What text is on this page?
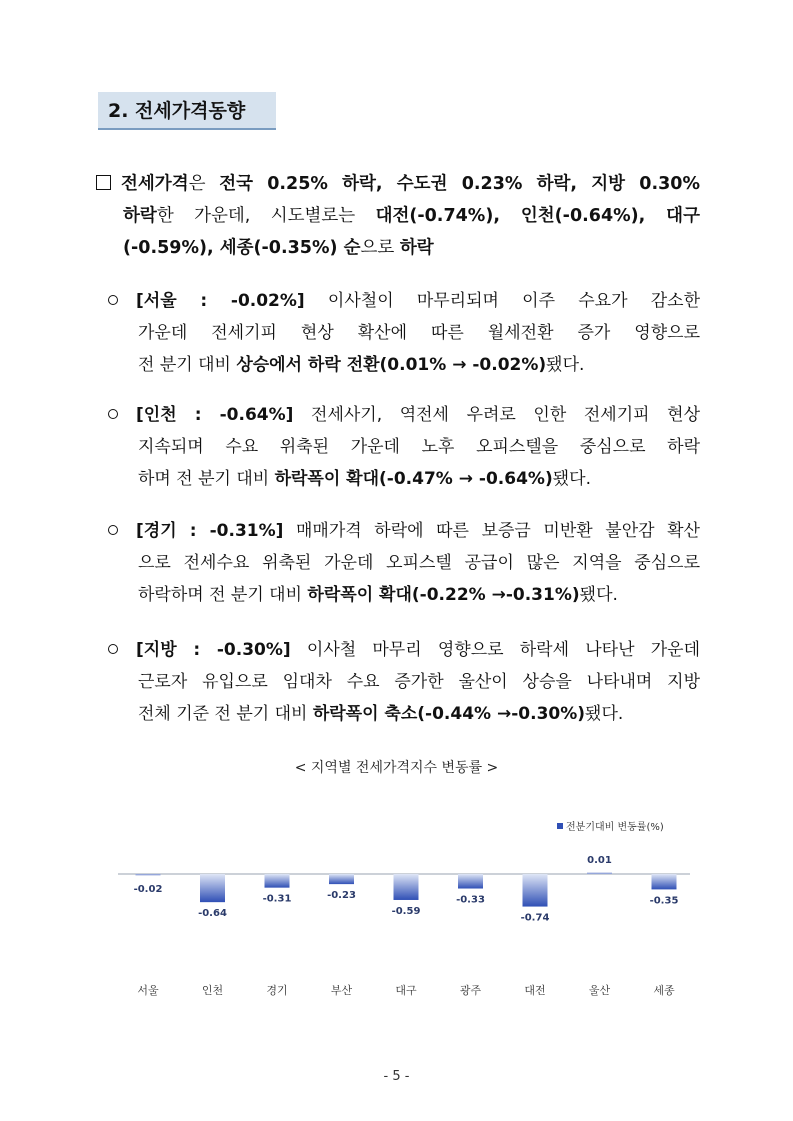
2. 전세가격동향
전세가격은 전국 0.25% 하락, 수도권 0.23% 하락, 지방 0.30%
하락한 가운데, 시도별로는 대전(-0.74%), 인천(-0.64%), 대구
(-0.59%), 세종(-0.35%) 순으로 하락
[서울 : -0.02%] 이사철이 마무리되며 이주 수요가 감소한
가운데 전세기피 현상 확산에 따른 월세전환 증가 영향으로
전 분기 대비 상승에서 하락 전환(0.01% → -0.02%)됐다.
[인천 : -0.64%] 전세사기, 역전세 우려로 인한 전세기피 현상
지속되며 수요 위축된 가운데 노후 오피스텔을 중심으로 하락
하며 전 분기 대비 하락폭이 확대(-0.47% → -0.64%)됐다.
[경기 : -0.31%] 매매가격 하락에 따른 보증금 미반환 불안감 확산
으로 전세수요 위축된 가운데 오피스텔 공급이 많은 지역을 중심으로
하락하며 전 분기 대비 하락폭이 확대(-0.22% →-0.31%)됐다.
[지방 : -0.30%] 이사철 마무리 영향으로 하락세 나타난 가운데
근로자 유입으로 임대차 수요 증가한 울산이 상승을 나타내며 지방
전체 기준 전 분기 대비 하락폭이 축소(-0.44% →-0.30%)됐다.
< 지역별 전세가격지수 변동률 >
전분기대비 변동률(%)
-0.02
서울
-0.64
인천
-0.31
경기
-0.23
부산
-0.59
대구
-0.33
광주
-0.74
대전
0.01
울산
-0.35
세종
- 5 -
